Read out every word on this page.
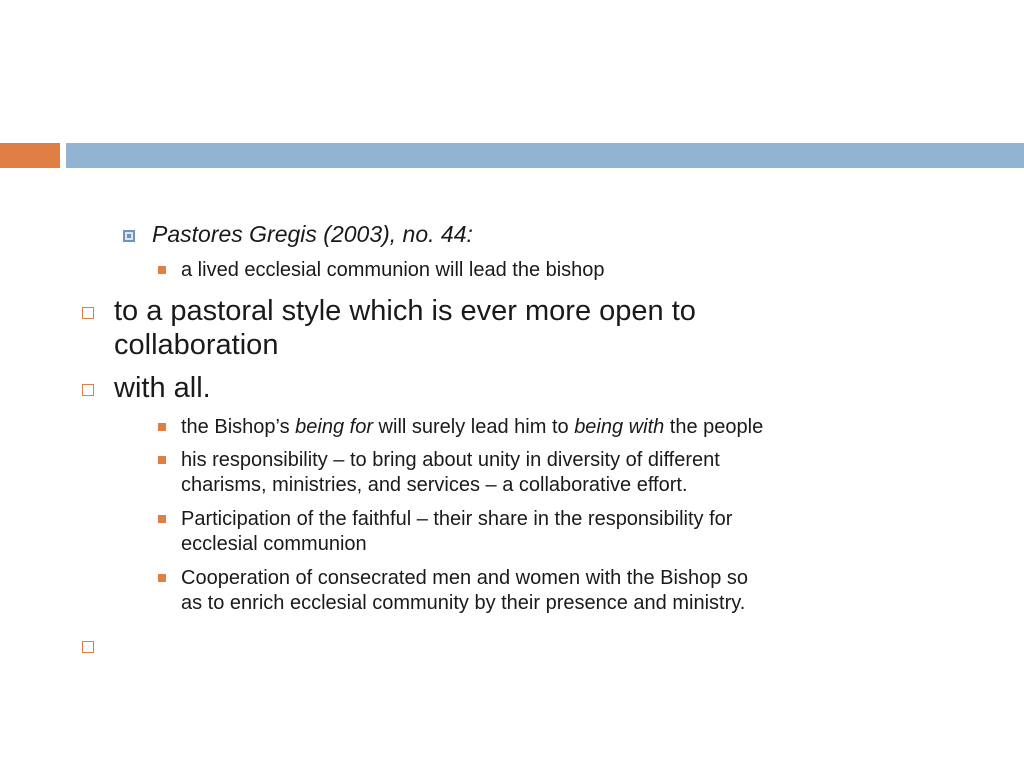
Pastores Gregis (2003), no. 44:
a lived ecclesial communion will lead the bishop
to a pastoral style which is ever more open to
collaboration
with all.
the Bishop’s being for will surely lead him to being with the people
his responsibility – to bring about unity in diversity of different
charisms, ministries, and services – a collaborative effort.
Participation of the faithful – their share in the responsibility for
ecclesial communion
Cooperation of consecrated men and women with the Bishop so
as to enrich ecclesial community by their presence and ministry.
